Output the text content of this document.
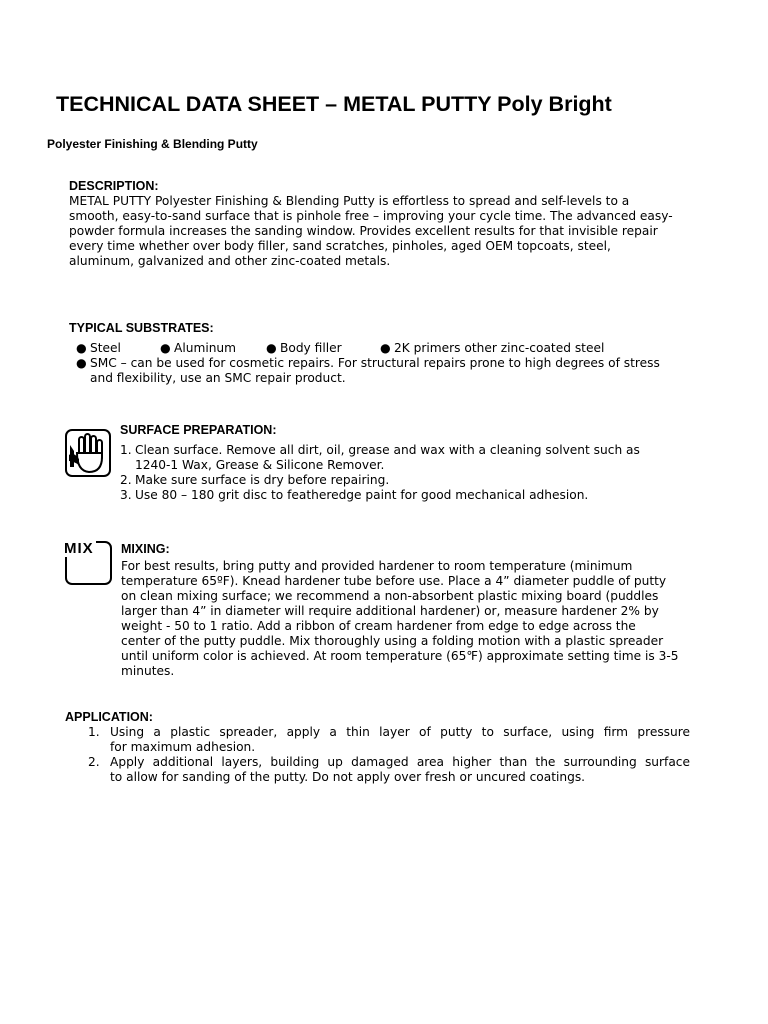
TECHNICAL DATA SHEET – METAL PUTTY Poly Bright
Polyester Finishing & Blending Putty
DESCRIPTION:
METAL PUTTY Polyester Finishing & Blending Putty is effortless to spread and self-levels to a
smooth, easy-to-sand surface that is pinhole free – improving your cycle time. The advanced easy-
powder formula increases the sanding window. Provides excellent results for that invisible repair
every time whether over body filler, sand scratches, pinholes, aged OEM topcoats, steel,
aluminum, galvanized and other zinc-coated metals.
TYPICAL SUBSTRATES:
● Steel	● Aluminum ● Body filler	● 2K primers other zinc-coated steel
● SMC – can be used for cosmetic repairs. For structural repairs prone to high degrees of stress
and flexibility, use an SMC repair product.
SURFACE PREPARATION:
1. Clean surface. Remove all dirt, oil, grease and wax with a cleaning solvent such as
1240-1 Wax, Grease & Silicone Remover.
2. Make sure surface is dry before repairing.
3. Use 80 – 180 grit disc to featheredge paint for good mechanical adhesion.
MIX MIXING:
For best results, bring putty and provided hardener to room temperature (minimum
temperature 65ºF). Knead hardener tube before use. Place a 4” diameter puddle of putty
on clean mixing surface; we recommend a non-absorbent plastic mixing board (puddles
larger than 4” in diameter will require additional hardener) or, measure hardener 2% by
weight - 50 to 1 ratio. Add a ribbon of cream hardener from edge to edge across the
center of the putty puddle. Mix thoroughly using a folding motion with a plastic spreader
until uniform color is achieved. At room temperature (65℉) approximate setting time is 3-5
minutes.
APPLICATION:
1. Using a plastic spreader, apply a thin layer of putty to surface, using firm pressure
for maximum adhesion.
2. Apply additional layers, building up damaged area higher than the surrounding surface
to allow for sanding of the putty. Do not apply over fresh or uncured coatings.
